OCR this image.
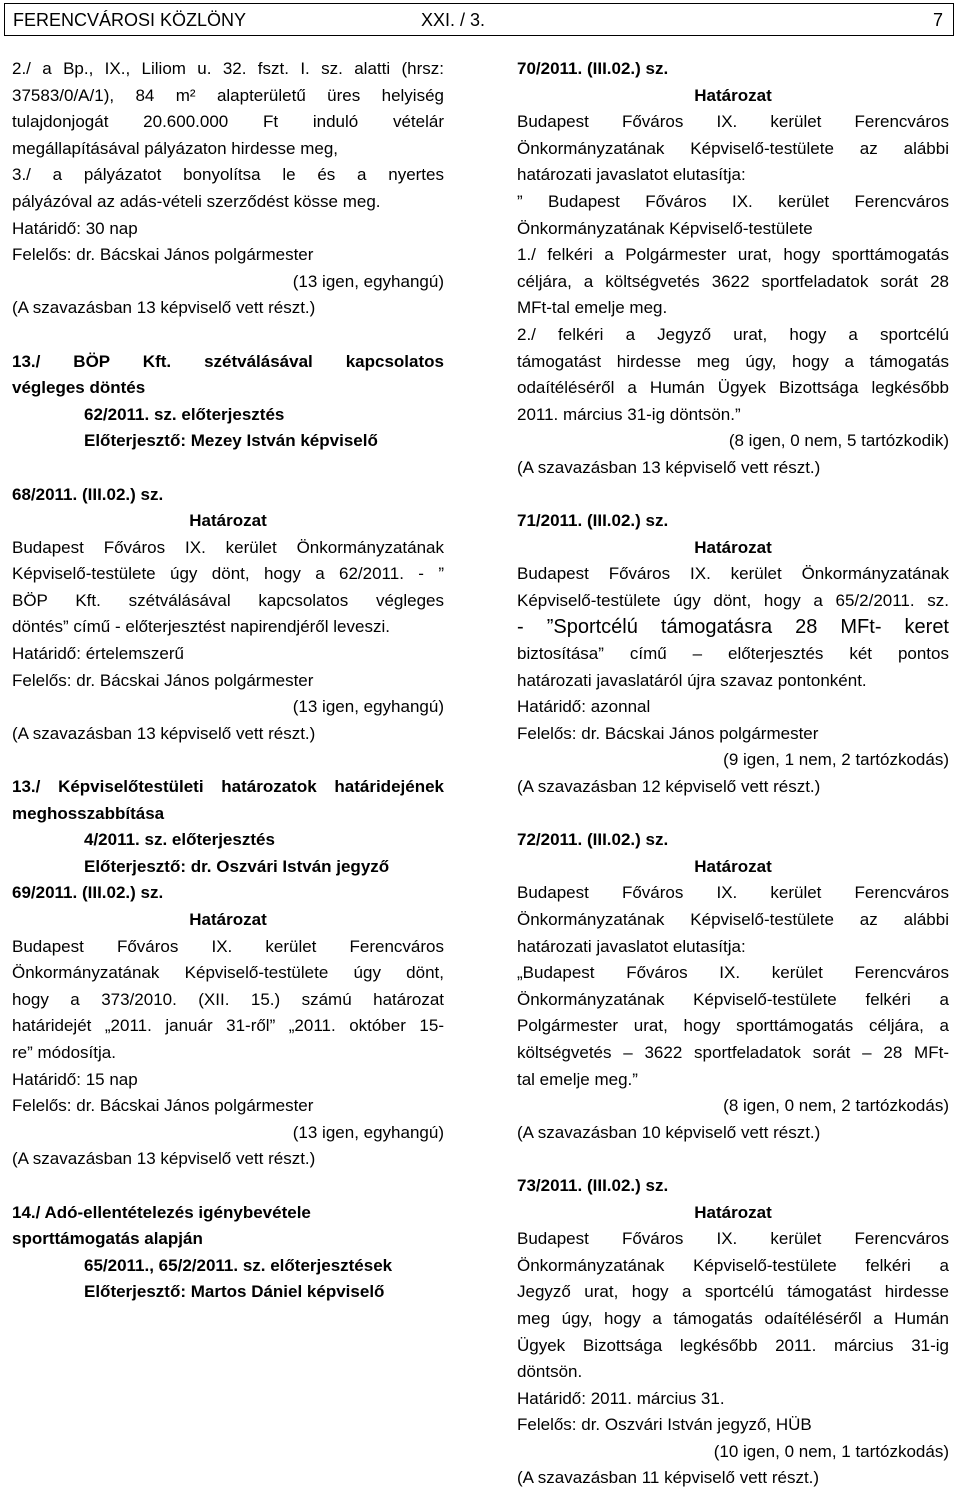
FERENCVÁROSI KÖZLÖNY	XXI. / 3.	7
2./ a Bp., IX., Liliom u. 32. fszt. I. sz. alatti (hrsz:
37583/0/A/1), 84 m² alapterületű üres helyiség
tulajdonjogát 20.600.000 Ft induló vételár
megállapításával pályázaton hirdesse meg,
3./ a pályázatot bonyolítsa le és a nyertes
pályázóval az adás-vételi szerződést kösse meg.
Határidő: 30 nap
Felelős: dr. Bácskai János polgármester
(13 igen, egyhangú)
(A szavazásban 13 képviselő vett részt.)
13./ BÖP Kft. szétválásával kapcsolatos
végleges döntés
62/2011. sz. előterjesztés
Előterjesztő: Mezey István képviselő
68/2011. (III.02.) sz.
Határozat
Budapest Főváros IX. kerület Önkormányzatának
Képviselő-testülete úgy dönt, hogy a 62/2011. - ”
BÖP Kft. szétválásával kapcsolatos végleges
döntés” című - előterjesztést napirendjéről leveszi.
Határidő: értelemszerű
Felelős: dr. Bácskai János polgármester
(13 igen, egyhangú)
(A szavazásban 13 képviselő vett részt.)
13./ Képviselőtestületi határozatok határidejének
meghosszabbítása
4/2011. sz. előterjesztés
Előterjesztő: dr. Oszvári István jegyző
69/2011. (III.02.) sz.
Határozat
Budapest Főváros IX. kerület Ferencváros
Önkormányzatának Képviselő-testülete úgy dönt,
hogy a 373/2010. (XII. 15.) számú határozat
határidejét „2011. január 31-ről” „2011. október 15-
re” módosítja.
Határidő: 15 nap
Felelős: dr. Bácskai János polgármester
(13 igen, egyhangú)
(A szavazásban 13 képviselő vett részt.)
14./ Adó-ellentételezés igénybevétele
sporttámogatás alapján
65/2011., 65/2/2011. sz. előterjesztések
Előterjesztő: Martos Dániel képviselő
70/2011. (III.02.) sz.
Határozat
Budapest Főváros IX. kerület Ferencváros
Önkormányzatának Képviselő-testülete az alábbi
határozati javaslatot elutasítja:
” Budapest Főváros IX. kerület Ferencváros
Önkormányzatának Képviselő-testülete
1./ felkéri a Polgármester urat, hogy sporttámogatás
céljára, a költségvetés 3622 sportfeladatok sorát 28
MFt-tal emelje meg.
2./ felkéri a Jegyző urat, hogy a sportcélú
támogatást hirdesse meg úgy, hogy a támogatás
odaítéléséről a Humán Ügyek Bizottsága legkésőbb
2011. március 31-ig döntsön.”
(8 igen, 0 nem, 5 tartózkodik)
(A szavazásban 13 képviselő vett részt.)
71/2011. (III.02.) sz.
Határozat
Budapest Főváros IX. kerület Önkormányzatának
Képviselő-testülete úgy dönt, hogy a 65/2/2011. sz.
- ”Sportcélú támogatásra 28 MFt- keret
biztosítása” című – előterjesztés két pontos
határozati javaslatáról újra szavaz pontonként.
Határidő: azonnal
Felelős: dr. Bácskai János polgármester
(9 igen, 1 nem, 2 tartózkodás)
(A szavazásban 12 képviselő vett részt.)
72/2011. (III.02.) sz.
Határozat
Budapest Főváros IX. kerület Ferencváros
Önkormányzatának Képviselő-testülete az alábbi
határozati javaslatot elutasítja:
„Budapest Főváros IX. kerület Ferencváros
Önkormányzatának Képviselő-testülete felkéri a
Polgármester urat, hogy sporttámogatás céljára, a
költségvetés – 3622 sportfeladatok sorát – 28 MFt-
tal emelje meg.”
(8 igen, 0 nem, 2 tartózkodás)
(A szavazásban 10 képviselő vett részt.)
73/2011. (III.02.) sz.
Határozat
Budapest Főváros IX. kerület Ferencváros
Önkormányzatának Képviselő-testülete felkéri a
Jegyző urat, hogy a sportcélú támogatást hirdesse
meg úgy, hogy a támogatás odaítéléséről a Humán
Ügyek Bizottsága legkésőbb 2011. március 31-ig
döntsön.
Határidő: 2011. március 31.
Felelős: dr. Oszvári István jegyző, HÜB
(10 igen, 0 nem, 1 tartózkodás)
(A szavazásban 11 képviselő vett részt.)
